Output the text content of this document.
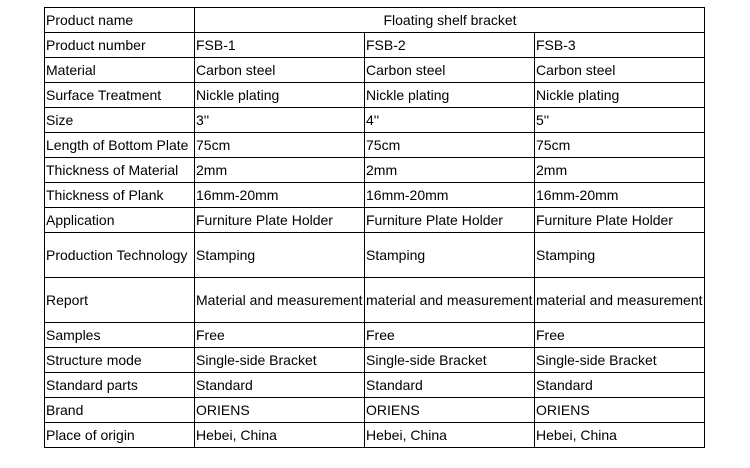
Product name	Floating shelf bracket		
Product number	FSB-1	FSB-2	FSB-3
Material	Carbon steel	Carbon steel	Carbon steel
Surface Treatment	Nickle plating	Nickle plating	Nickle plating
Size	3''	4''	5''
Length of Bottom Plate	75cm	75cm	75cm
Thickness of Material	2mm	2mm	2mm
Thickness of Plank	16mm-20mm	16mm-20mm	16mm-20mm
Application	Furniture Plate Holder	Furniture Plate Holder	Furniture Plate Holder
Production Technology	Stamping	Stamping	Stamping
Report	Material and measurement	material and measurement	material and measurement
Samples	Free	Free	Free
Structure mode	Single-side Bracket	Single-side Bracket	Single-side Bracket
Standard parts	Standard	Standard	Standard
Brand	ORIENS	ORIENS	ORIENS
Place of origin	Hebei, China	Hebei, China	Hebei, China
